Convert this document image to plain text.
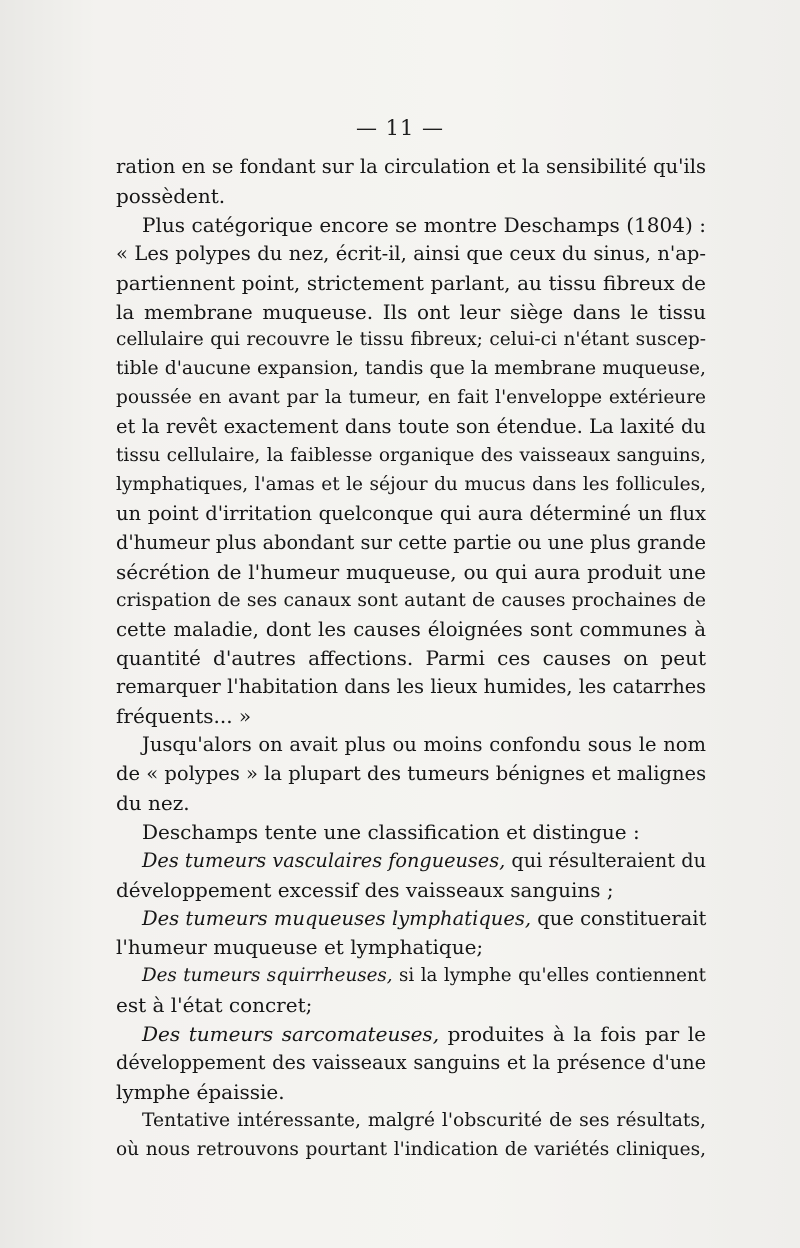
— 11 —

ration en se fondant sur la circulation et la sensibilité qu'ils

possèdent.

Plus catégorique encore se montre Deschamps (1804) :

« Les polypes du nez, écrit-il, ainsi que ceux du sinus, n'ap-

partiennent point, strictement parlant, au tissu fibreux de

la membrane muqueuse. Ils ont leur siège dans le tissu

cellulaire qui recouvre le tissu fibreux; celui-ci n'étant suscep-

tible d'aucune expansion, tandis que la membrane muqueuse,

poussée en avant par la tumeur, en fait l'enveloppe extérieure

et la revêt exactement dans toute son étendue. La laxité du

tissu cellulaire, la faiblesse organique des vaisseaux sanguins,

lymphatiques, l'amas et le séjour du mucus dans les follicules,

un point d'irritation quelconque qui aura déterminé un flux

d'humeur plus abondant sur cette partie ou une plus grande

sécrétion de l'humeur muqueuse, ou qui aura produit une

crispation de ses canaux sont autant de causes prochaines de

cette maladie, dont les causes éloignées sont communes à

quantité d'autres affections. Parmi ces causes on peut

remarquer l'habitation dans les lieux humides, les catarrhes

fréquents... »

Jusqu'alors on avait plus ou moins confondu sous le nom

de « polypes » la plupart des tumeurs bénignes et malignes

du nez.

Deschamps tente une classification et distingue :

Des tumeurs vasculaires fongueuses, qui résulteraient du

développement excessif des vaisseaux sanguins ;

Des tumeurs muqueuses lymphatiques, que constituerait

l'humeur muqueuse et lymphatique;

Des tumeurs squirrheuses, si la lymphe qu'elles contiennent

est à l'état concret;

Des tumeurs sarcomateuses, produites à la fois par le

développement des vaisseaux sanguins et la présence d'une

lymphe épaissie.

Tentative intéressante, malgré l'obscurité de ses résultats,

où nous retrouvons pourtant l'indication de variétés cliniques,
